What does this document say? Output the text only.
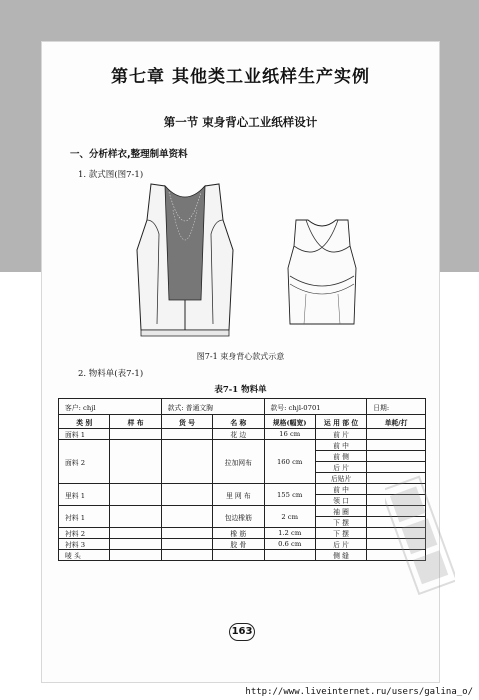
第七章 其他类工业纸样生产实例
第一节 束身背心工业纸样设计
一、分析样衣,整理制单资料
1. 款式图(图7-1)
图7-1 束身背心款式示意
2. 物料单(表7-1)
表7-1 物料单
客户: chjl		款式: 普通文胸		款号: chjl-0701		日期:
类 别	样 布	货 号	名 称	规格(幅宽)	运 用 部 位	单耗/打
面料 1			花 边	16 cm	前 片	
面料 2			拉加网布	160 cm	前 中	
					前 侧	
					后 片	
					后贴片	
里料 1			里 网 布	155 cm	前 中	
					领 口	
衬料 1			包边橡筋	2 cm	袖 圈	
					下 摆	
衬料 2			橡 筋	1.2 cm	下 摆	
衬料 3			胶 骨	0.6 cm	后 片	
唛 头					侧 缝	
163
http://www.liveinternet.ru/users/galina_o/
